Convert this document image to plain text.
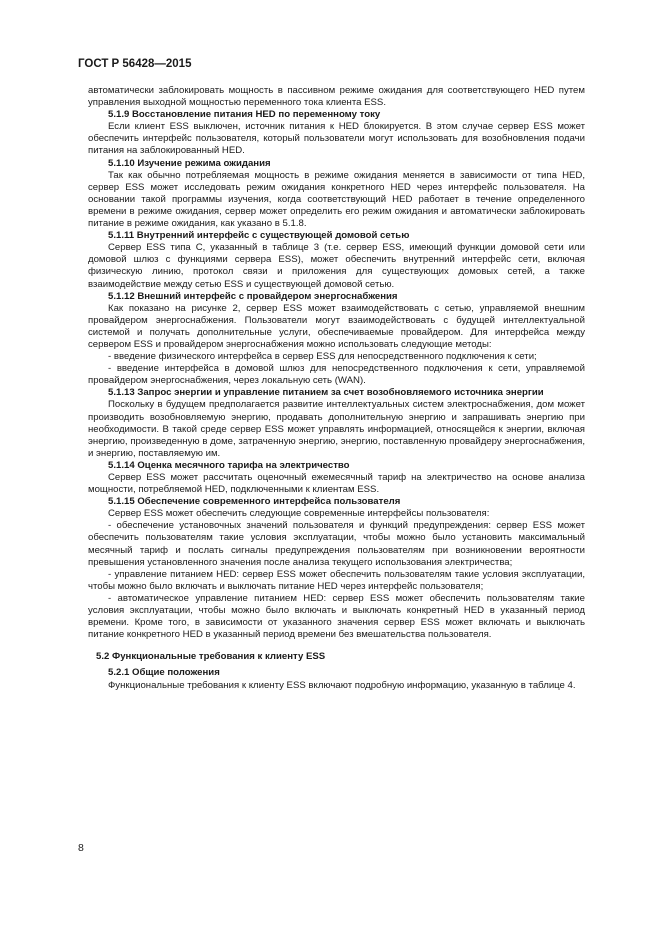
ГОСТ Р 56428—2015

автоматически заблокировать мощность в пассивном режиме ожидания для соответствующего HED путем управления выходной мощностью переменного тока клиента ESS.

5.1.9 Восстановление питания HED по переменному току

Если клиент ESS выключен, источник питания к HED блокируется. В этом случае сервер ESS может обеспечить интерфейс пользователя, который пользователи могут использовать для возобновления подачи питания на заблокированный HED.

5.1.10 Изучение режима ожидания

Так как обычно потребляемая мощность в режиме ожидания меняется в зависимости от типа HED, сервер ESS может исследовать режим ожидания конкретного HED через интерфейс пользователя. На основании такой программы изучения, когда соответствующий HED работает в течение определенного времени в режиме ожидания, сервер может определить его режим ожидания и автоматически заблокировать питание в режиме ожидания, как указано в 5.1.8.

5.1.11 Внутренний интерфейс с существующей домовой сетью

Сервер ESS типа С, указанный в таблице 3 (т.е. сервер ESS, имеющий функции домовой сети или домовой шлюз с функциями сервера ESS), может обеспечить внутренний интерфейс сети, включая физическую линию, протокол связи и приложения для существующих домовых сетей, а также взаимодействие между сетью ESS и существующей домовой сетью.

5.1.12 Внешний интерфейс с провайдером энергоснабжения

Как показано на рисунке 2, сервер ESS может взаимодействовать с сетью, управляемой внешним провайдером энергоснабжения. Пользователи могут взаимодействовать с будущей интеллектуальной системой и получать дополнительные услуги, обеспечиваемые провайдером. Для интерфейса между сервером ESS и провайдером энергоснабжения можно использовать следующие методы:

- введение физического интерфейса в сервер ESS для непосредственного подключения к сети;

- введение интерфейса в домовой шлюз для непосредственного подключения к сети, управляемой провайдером энергоснабжения, через локальную сеть (WAN).

5.1.13 Запрос энергии и управление питанием за счет возобновляемого источника энергии

Поскольку в будущем предполагается развитие интеллектуальных систем электроснабжения, дом может производить возобновляемую энергию, продавать дополнительную энергию и запрашивать энергию при необходимости. В такой среде сервер ESS может управлять информацией, относящейся к энергии, включая энергию, произведенную в доме, затраченную энергию, энергию, поставленную провайдеру энергоснабжения, и энергию, поставляемую им.

5.1.14 Оценка месячного тарифа на электричество

Сервер ESS может рассчитать оценочный ежемесячный тариф на электричество на основе анализа мощности, потребляемой HED, подключенными к клиентам ESS.

5.1.15 Обеспечение современного интерфейса пользователя

Сервер ESS может обеспечить следующие современные интерфейсы пользователя:

- обеспечение установочных значений пользователя и функций предупреждения: сервер ESS может обеспечить пользователям такие условия эксплуатации, чтобы можно было установить максимальный месячный тариф и послать сигналы предупреждения пользователям при возникновении вероятности превышения установленного значения после анализа текущего использования электричества;

- управление питанием HED: сервер ESS может обеспечить пользователям такие условия эксплуатации, чтобы можно было включать и выключать питание HED через интерфейс пользователя;

- автоматическое управление питанием HED: сервер ESS может обеспечить пользователям такие условия эксплуатации, чтобы можно было включать и выключать конкретный HED в указанный период времени. Кроме того, в зависимости от указанного значения сервер ESS может включать и выключать питание конкретного HED в указанный период времени без вмешательства пользователя.

5.2 Функциональные требования к клиенту ESS
5.2.1 Общие положения

Функциональные требования к клиенту ESS включают подробную информацию, указанную в таблице 4.

8
